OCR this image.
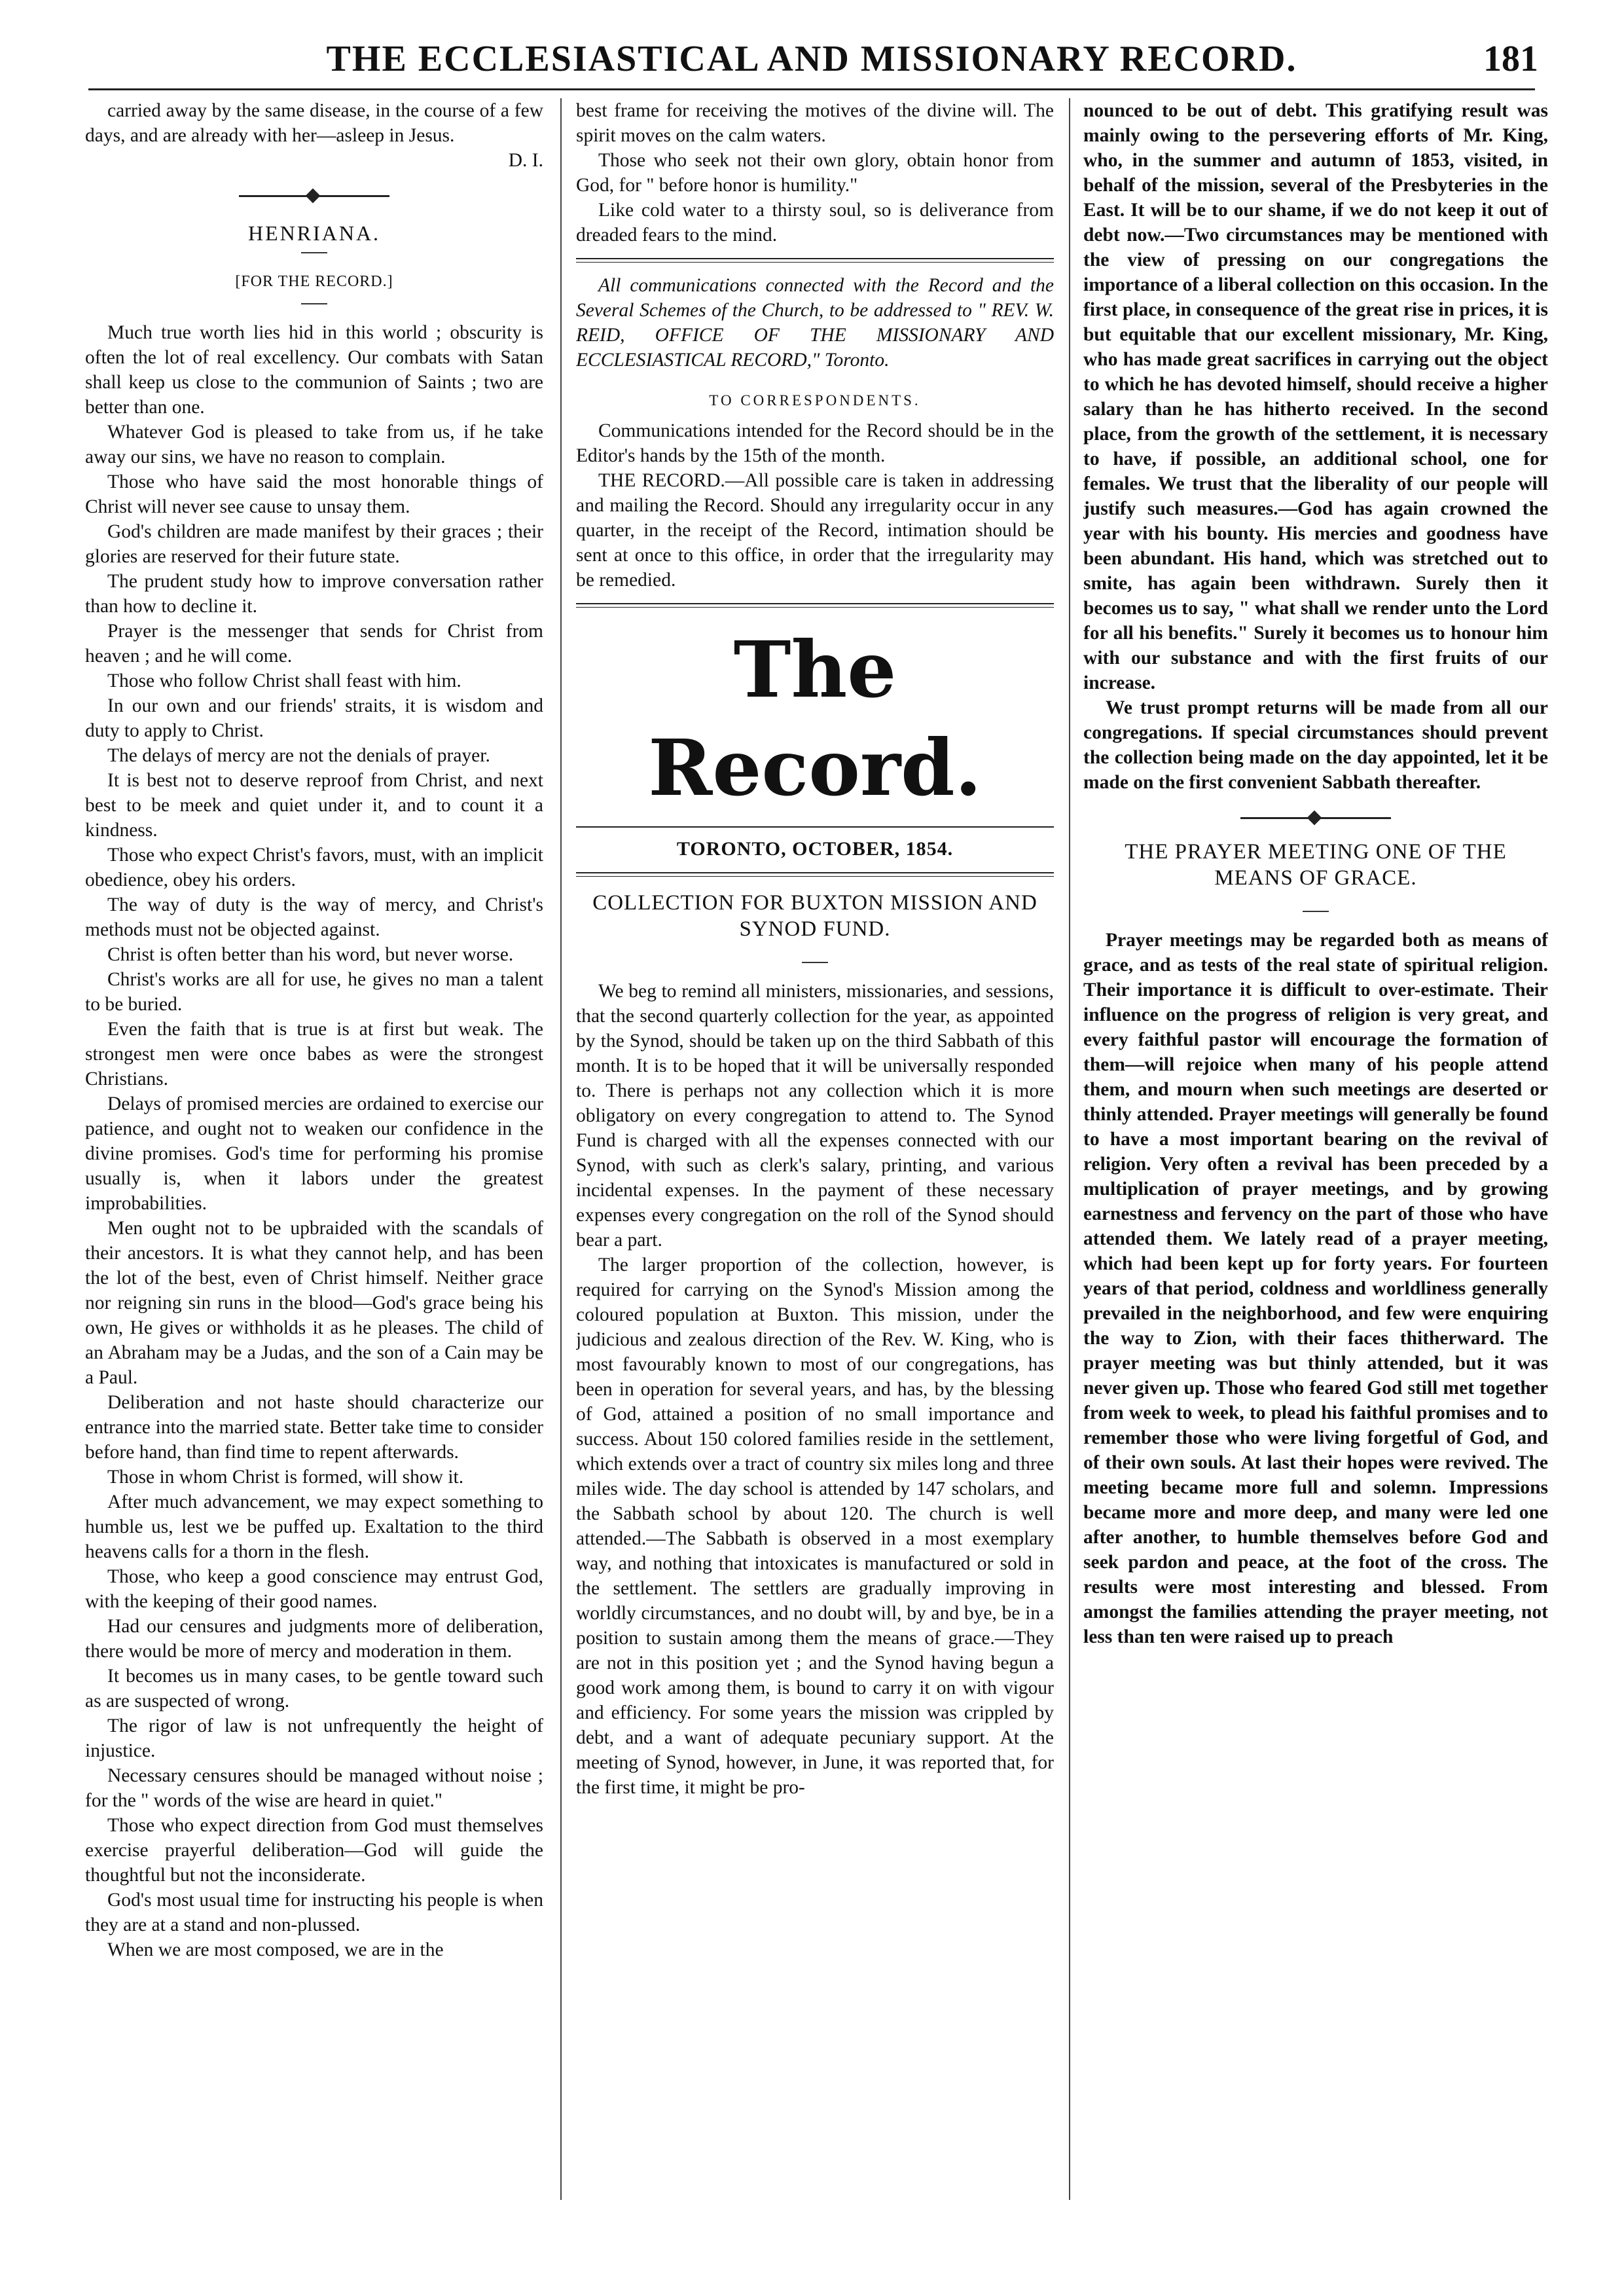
THE ECCLESIASTICAL AND MISSIONARY RECORD.	181

carried away by the same disease, in the course of a few days, and are already with her—asleep in Jesus.

D. I.
HENRIANA.
[FOR THE RECORD.]

Much true worth lies hid in this world ; obscurity is often the lot of real excellency. Our combats with Satan shall keep us close to the communion of Saints ; two are better than one.

Whatever God is pleased to take from us, if he take away our sins, we have no reason to complain.

Those who have said the most honorable things of Christ will never see cause to unsay them.

God's children are made manifest by their graces ; their glories are reserved for their future state.

The prudent study how to improve conversation rather than how to decline it.

Prayer is the messenger that sends for Christ from heaven ; and he will come.

Those who follow Christ shall feast with him.

In our own and our friends' straits, it is wisdom and duty to apply to Christ.

The delays of mercy are not the denials of prayer.

It is best not to deserve reproof from Christ, and next best to be meek and quiet under it, and to count it a kindness.

Those who expect Christ's favors, must, with an implicit obedience, obey his orders.

The way of duty is the way of mercy, and Christ's methods must not be objected against.

Christ is often better than his word, but never worse.

Christ's works are all for use, he gives no man a talent to be buried.

Even the faith that is true is at first but weak. The strongest men were once babes as were the strongest Christians.

Delays of promised mercies are ordained to exercise our patience, and ought not to weaken our confidence in the divine promises. God's time for performing his promise usually is, when it labors under the greatest improbabilities.

Men ought not to be upbraided with the scandals of their ancestors. It is what they cannot help, and has been the lot of the best, even of Christ himself. Neither grace nor reigning sin runs in the blood—God's grace being his own, He gives or withholds it as he pleases. The child of an Abraham may be a Judas, and the son of a Cain may be a Paul.

Deliberation and not haste should characterize our entrance into the married state. Better take time to consider before hand, than find time to repent afterwards.

Those in whom Christ is formed, will show it.

After much advancement, we may expect something to humble us, lest we be puffed up. Exaltation to the third heavens calls for a thorn in the flesh.

Those, who keep a good conscience may entrust God, with the keeping of their good names.

Had our censures and judgments more of deliberation, there would be more of mercy and moderation in them.

It becomes us in many cases, to be gentle toward such as are suspected of wrong.

The rigor of law is not unfrequently the height of injustice.

Necessary censures should be managed without noise ; for the " words of the wise are heard in quiet."

Those who expect direction from God must themselves exercise prayerful deliberation—God will guide the thoughtful but not the inconsiderate.

God's most usual time for instructing his people is when they are at a stand and non-plussed.

When we are most composed, we are in the

best frame for receiving the motives of the divine will. The spirit moves on the calm waters.

Those who seek not their own glory, obtain honor from God, for " before honor is humility."

Like cold water to a thirsty soul, so is deliverance from dreaded fears to the mind.

All communications connected with the Record and the Several Schemes of the Church, to be addressed to " REV. W. REID, OFFICE OF THE MISSIONARY AND ECCLESIASTICAL RECORD," Toronto.

TO CORRESPONDENTS.

Communications intended for the Record should be in the Editor's hands by the 15th of the month.

THE RECORD.—All possible care is taken in addressing and mailing the Record. Should any irregularity occur in any quarter, in the receipt of the Record, intimation should be sent at once to this office, in order that the irregularity may be remedied.

The Record.
TORONTO, OCTOBER, 1854.
COLLECTION FOR BUXTON MISSION AND SYNOD FUND.

We beg to remind all ministers, missionaries, and sessions, that the second quarterly collection for the year, as appointed by the Synod, should be taken up on the third Sabbath of this month. It is to be hoped that it will be universally responded to. There is perhaps not any collection which it is more obligatory on every congregation to attend to. The Synod Fund is charged with all the expenses connected with our Synod, with such as clerk's salary, printing, and various incidental expenses. In the payment of these necessary expenses every congregation on the roll of the Synod should bear a part.

The larger proportion of the collection, however, is required for carrying on the Synod's Mission among the coloured population at Buxton. This mission, under the judicious and zealous direction of the Rev. W. King, who is most favourably known to most of our congregations, has been in operation for several years, and has, by the blessing of God, attained a position of no small importance and success. About 150 colored families reside in the settlement, which extends over a tract of country six miles long and three miles wide. The day school is attended by 147 scholars, and the Sabbath school by about 120. The church is well attended.—The Sabbath is observed in a most exemplary way, and nothing that intoxicates is manufactured or sold in the settlement. The settlers are gradually improving in worldly circumstances, and no doubt will, by and bye, be in a position to sustain among them the means of grace.—They are not in this position yet ; and the Synod having begun a good work among them, is bound to carry it on with vigour and efficiency. For some years the mission was crippled by debt, and a want of adequate pecuniary support. At the meeting of Synod, however, in June, it was reported that, for the first time, it might be pro-

nounced to be out of debt. This gratifying result was mainly owing to the persevering efforts of Mr. King, who, in the summer and autumn of 1853, visited, in behalf of the mission, several of the Presbyteries in the East. It will be to our shame, if we do not keep it out of debt now.—Two circumstances may be mentioned with the view of pressing on our congregations the importance of a liberal collection on this occasion. In the first place, in consequence of the great rise in prices, it is but equitable that our excellent missionary, Mr. King, who has made great sacrifices in carrying out the object to which he has devoted himself, should receive a higher salary than he has hitherto received. In the second place, from the growth of the settlement, it is necessary to have, if possible, an additional school, one for females. We trust that the liberality of our people will justify such measures.—God has again crowned the year with his bounty. His mercies and goodness have been abundant. His hand, which was stretched out to smite, has again been withdrawn. Surely then it becomes us to say, " what shall we render unto the Lord for all his benefits." Surely it becomes us to honour him with our substance and with the first fruits of our increase.

We trust prompt returns will be made from all our congregations. If special circumstances should prevent the collection being made on the day appointed, let it be made on the first convenient Sabbath thereafter.

THE PRAYER MEETING ONE OF THE MEANS OF GRACE.

Prayer meetings may be regarded both as means of grace, and as tests of the real state of spiritual religion. Their importance it is difficult to over-estimate. Their influence on the progress of religion is very great, and every faithful pastor will encourage the formation of them—will rejoice when many of his people attend them, and mourn when such meetings are deserted or thinly attended. Prayer meetings will generally be found to have a most important bearing on the revival of religion. Very often a revival has been preceded by a multiplication of prayer meetings, and by growing earnestness and fervency on the part of those who have attended them. We lately read of a prayer meeting, which had been kept up for forty years. For fourteen years of that period, coldness and worldliness generally prevailed in the neighborhood, and few were enquiring the way to Zion, with their faces thitherward. The prayer meeting was but thinly attended, but it was never given up. Those who feared God still met together from week to week, to plead his faithful promises and to remember those who were living forgetful of God, and of their own souls. At last their hopes were revived. The meeting became more full and solemn. Impressions became more and more deep, and many were led one after another, to humble themselves before God and seek pardon and peace, at the foot of the cross. The results were most interesting and blessed. From amongst the families attending the prayer meeting, not less than ten were raised up to preach
